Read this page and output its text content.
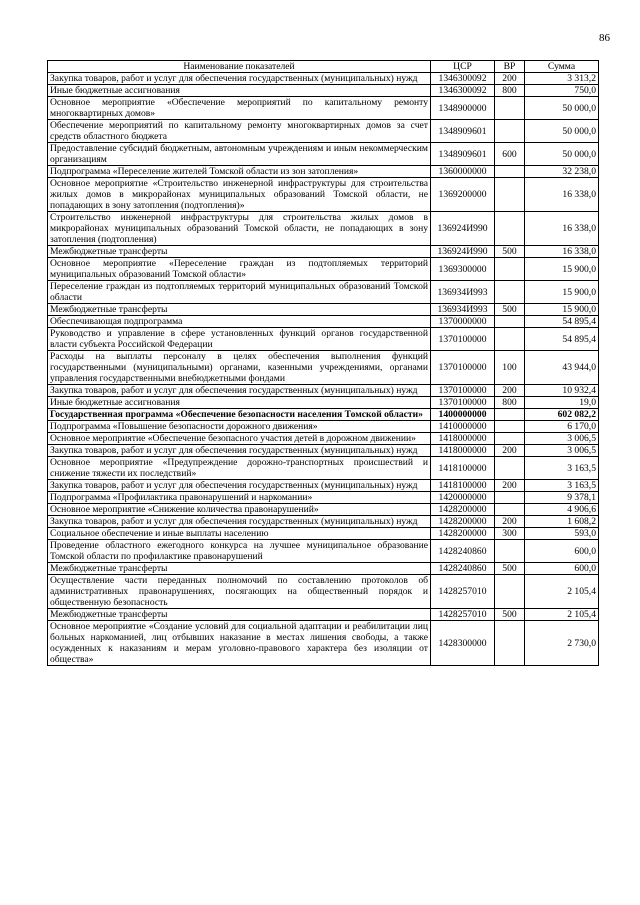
86
Наименование показателей	ЦСР	ВР	Сумма
Закупка товаров, работ и услуг для обеспечения государственных (муниципальных) нужд	1346300092	200	3 313,2
Иные бюджетные ассигнования	1346300092	800	750,0
Основное мероприятие «Обеспечение мероприятий по капитальному ремонту многоквартирных домов»	1348900000		50 000,0
Обеспечение мероприятий по капитальному ремонту многоквартирных домов за счет средств областного бюджета	1348909601		50 000,0
Предоставление субсидий бюджетным, автономным учреждениям и иным некоммерческим организациям	1348909601	600	50 000,0
Подпрограмма «Переселение жителей Томской области из зон затопления»	1360000000		32 238,0
Основное мероприятие «Строительство инженерной инфраструктуры для строительства жилых домов в микрорайонах муниципальных образований Томской области, не попадающих в зону затопления (подтопления)»	1369200000		16 338,0
Строительство инженерной инфраструктуры для строительства жилых домов в микрорайонах муниципальных образований Томской области, не попадающих в зону затопления (подтопления)	136924И990		16 338,0
Межбюджетные трансферты	136924И990	500	16 338,0
Основное мероприятие «Переселение граждан из подтопляемых территорий муниципальных образований Томской области»	1369300000		15 900,0
Переселение граждан из подтопляемых территорий муниципальных образований Томской области	136934И993		15 900,0
Межбюджетные трансферты	136934И993	500	15 900,0
Обеспечивающая подпрограмма	1370000000		54 895,4
Руководство и управление в сфере установленных функций органов государственной власти субъекта Российской Федерации	1370100000		54 895,4
Расходы на выплаты персоналу в целях обеспечения выполнения функций государственными (муниципальными) органами, казенными учреждениями, органами управления государственными внебюджетными фондами	1370100000	100	43 944,0
Закупка товаров, работ и услуг для обеспечения государственных (муниципальных) нужд	1370100000	200	10 932,4
Иные бюджетные ассигнования	1370100000	800	19,0
Государственная программа «Обеспечение безопасности населения Томской области»	1400000000		602 082,2
Подпрограмма «Повышение безопасности дорожного движения»	1410000000		6 170,0
Основное мероприятие «Обеспечение безопасного участия детей в дорожном движении»	1418000000		3 006,5
Закупка товаров, работ и услуг для обеспечения государственных (муниципальных) нужд	1418000000	200	3 006,5
Основное мероприятие «Предупреждение дорожно-транспортных происшествий и снижение тяжести их последствий»	1418100000		3 163,5
Закупка товаров, работ и услуг для обеспечения государственных (муниципальных) нужд	1418100000	200	3 163,5
Подпрограмма «Профилактика правонарушений и наркомании»	1420000000		9 378,1
Основное мероприятие «Снижение количества правонарушений»	1428200000		4 906,6
Закупка товаров, работ и услуг для обеспечения государственных (муниципальных) нужд	1428200000	200	1 608,2
Социальное обеспечение и иные выплаты населению	1428200000	300	593,0
Проведение областного ежегодного конкурса на лучшее муниципальное образование Томской области по профилактике правонарушений	1428240860		600,0
Межбюджетные трансферты	1428240860	500	600,0
Осуществление части переданных полномочий по составлению протоколов об административных правонарушениях, посягающих на общественный порядок и общественную безопасность	1428257010		2 105,4
Межбюджетные трансферты	1428257010	500	2 105,4
Основное мероприятие «Создание условий для социальной адаптации и реабилитации лиц больных наркоманией, лиц отбывших наказание в местах лишения свободы, а также осужденных к наказаниям и мерам уголовно-правового характера без изоляции от общества»	1428300000		2 730,0
